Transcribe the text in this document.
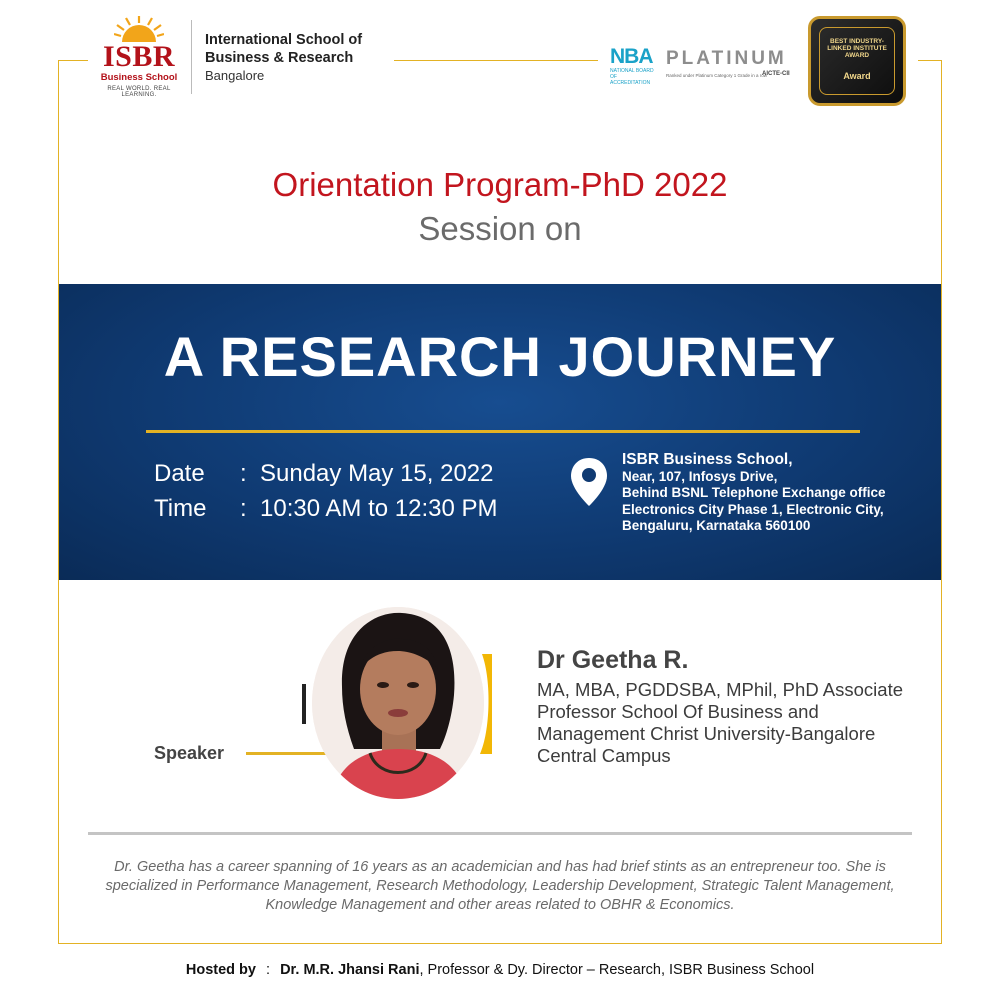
ISBR
Business School
REAL WORLD. REAL LEARNING.
International School of
Business & Research
Bangalore
NBA
NATIONAL BOARD OF ACCREDITATION
PLATINUM
Ranked under Platinum Category 1 Grade in a row
AICTE-CII
BEST INDUSTRY-LINKED INSTITUTE AWARD
Award
Orientation Program-PhD 2022
Session on
A RESEARCH JOURNEY
Date : Sunday May 15, 2022
Time : 10:30 AM to 12:30 PM
ISBR Business School,
Near, 107, Infosys Drive,
Behind BSNL Telephone Exchange office
Electronics City Phase 1, Electronic City,
Bengaluru, Karnataka 560100
Speaker
Dr Geetha R.
MA, MBA, PGDDSBA, MPhil, PhD Associate Professor School Of Business and Management Christ University-Bangalore Central Campus
Dr. Geetha has a career spanning of 16 years as an academician and has had brief stints as an entrepreneur too. She is specialized in Performance Management, Research Methodology, Leadership Development, Strategic Talent Management, Knowledge Management and other areas related to OBHR & Economics.
Hosted by : Dr. M.R. Jhansi Rani, Professor & Dy. Director – Research, ISBR Business School
